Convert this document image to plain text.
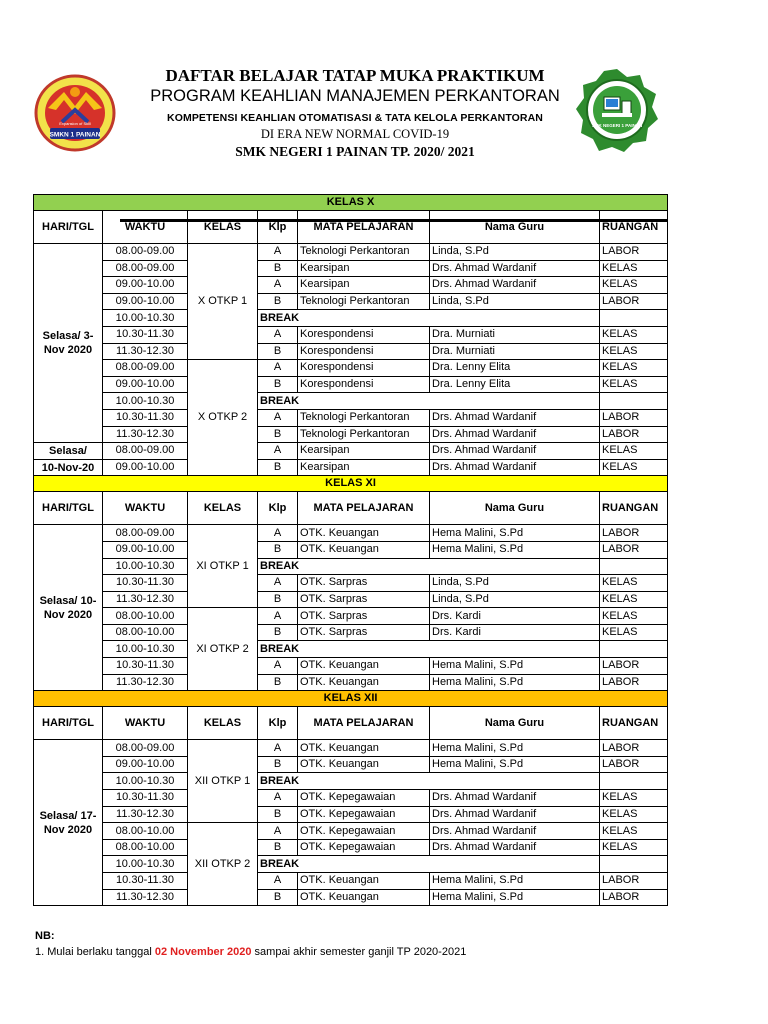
SMKN 1 PAINAN
Expansion of Skill
DAFTAR BELAJAR TATAP MUKA PRAKTIKUM
PROGRAM KEAHLIAN MANAJEMEN PERKANTORAN
KOMPETENSI KEAHLIAN OTOMATISASI & TATA KELOLA PERKANTORAN
DI ERA NEW NORMAL COVID-19
SMK NEGERI 1 PAINAN TP. 2020/ 2021
SMK NEGERI 1 PAINAN
KELAS X						
HARI/TGL	WAKTU	KELAS	Klp	MATA PELAJARAN	Nama Guru	RUANGAN
Selasa/ 3-Nov 2020	08.00-09.00	X OTKP 1	A	Teknologi Perkantoran	Linda, S.Pd	LABOR
	08.00-09.00		B	Kearsipan	Drs. Ahmad Wardanif	KELAS
	09.00-10.00		A	Kearsipan	Drs. Ahmad Wardanif	KELAS
	09.00-10.00		B	Teknologi Perkantoran	Linda, S.Pd	LABOR
	10.00-10.30		BREAK			
	10.30-11.30		A	Korespondensi	Dra. Murniati	KELAS
	11.30-12.30		B	Korespondensi	Dra. Murniati	KELAS
	08.00-09.00	X OTKP 2	A	Korespondensi	Dra. Lenny Elita	KELAS
	09.00-10.00		B	Korespondensi	Dra. Lenny Elita	KELAS
	10.00-10.30		BREAK			
	10.30-11.30		A	Teknologi Perkantoran	Drs. Ahmad Wardanif	LABOR
	11.30-12.30		B	Teknologi Perkantoran	Drs. Ahmad Wardanif	LABOR
Selasa/	08.00-09.00		A	Kearsipan	Drs. Ahmad Wardanif	KELAS
10-Nov-20	09.00-10.00		B	Kearsipan	Drs. Ahmad Wardanif	KELAS
KELAS XI						
HARI/TGL	WAKTU	KELAS	Klp	MATA PELAJARAN	Nama Guru	RUANGAN
Selasa/ 10-Nov 2020	08.00-09.00	XI OTKP 1	A	OTK. Keuangan	Hema Malini, S.Pd	LABOR
	09.00-10.00		B	OTK. Keuangan	Hema Malini, S.Pd	LABOR
	10.00-10.30		BREAK			
	10.30-11.30		A	OTK. Sarpras	Linda, S.Pd	KELAS
	11.30-12.30		B	OTK. Sarpras	Linda, S.Pd	KELAS
	08.00-10.00	XI OTKP 2	A	OTK. Sarpras	Drs. Kardi	KELAS
	08.00-10.00		B	OTK. Sarpras	Drs. Kardi	KELAS
	10.00-10.30		BREAK			
	10.30-11.30		A	OTK. Keuangan	Hema Malini, S.Pd	LABOR
	11.30-12.30		B	OTK. Keuangan	Hema Malini, S.Pd	LABOR
KELAS XII						
HARI/TGL	WAKTU	KELAS	Klp	MATA PELAJARAN	Nama Guru	RUANGAN
Selasa/ 17-Nov 2020	08.00-09.00	XII OTKP 1	A	OTK. Keuangan	Hema Malini, S.Pd	LABOR
	09.00-10.00		B	OTK. Keuangan	Hema Malini, S.Pd	LABOR
	10.00-10.30		BREAK			
	10.30-11.30		A	OTK. Kepegawaian	Drs. Ahmad Wardanif	KELAS
	11.30-12.30		B	OTK. Kepegawaian	Drs. Ahmad Wardanif	KELAS
	08.00-10.00	XII OTKP 2	A	OTK. Kepegawaian	Drs. Ahmad Wardanif	KELAS
	08.00-10.00		B	OTK. Kepegawaian	Drs. Ahmad Wardanif	KELAS
	10.00-10.30		BREAK			
	10.30-11.30		A	OTK. Keuangan	Hema Malini, S.Pd	LABOR
	11.30-12.30		B	OTK. Keuangan	Hema Malini, S.Pd	LABOR
NB:
1. Mulai berlaku tanggal 02 November 2020 sampai akhir semester ganjil TP 2020-2021
